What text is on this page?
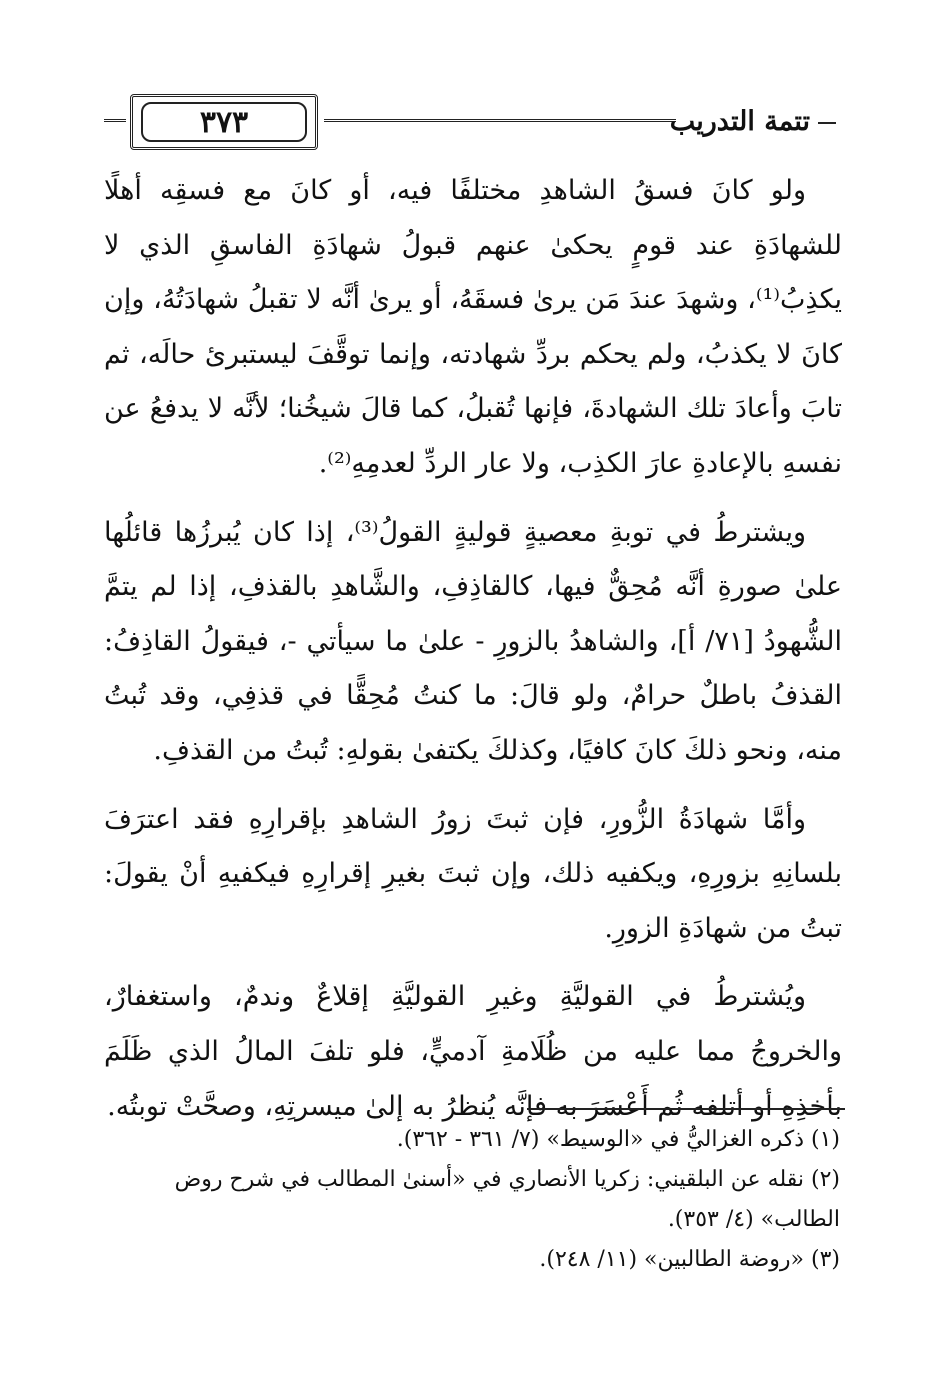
٣٧٣	تتمة التدريب

ولو كانَ فسقُ الشاهدِ مختلفًا فيه، أو كانَ مع فسقِه أهلًا للشهادَةِ عند قومٍ يحكىٰ عنهم قبولُ شهادَةِ الفاسقِ الذي لا يكذِبُ⁽¹⁾، وشهدَ عندَ مَن يرىٰ فسقَهُ، أو يرىٰ أنَّه لا تقبلُ شهادَتُهُ، وإن كانَ لا يكذبُ، ولم يحكم بردِّ شهادته، وإنما توقَّفَ ليستبرئ حالَه، ثم تابَ وأعادَ تلك الشهادةَ، فإنها تُقبلُ، كما قالَ شيخُنا؛ لأنَّه لا يدفعُ عن نفسهِ بالإعادةِ عارَ الكذِب، ولا عار الردِّ لعدمِهِ⁽²⁾.

ويشترطُ في توبةِ معصيةٍ قوليةٍ القولُ⁽³⁾، إذا كان يُبرزُها قائلُها علىٰ صورةِ أنَّه مُحِقٌّ فيها، كالقاذِفِ، والشَّاهدِ بالقذفِ، إذا لم يتمَّ الشُّهودُ [٧١/ أ]، والشاهدُ بالزورِ - علىٰ ما سيأتي -، فيقولُ القاذِفُ: القذفُ باطلٌ حرامٌ، ولو قالَ: ما كنتُ مُحِقًّا في قذفِي، وقد تُبتُ منه، ونحو ذلكَ كانَ كافيًا، وكذلكَ يكتفىٰ بقولهِ: تُبتُ من القذفِ.

وأمَّا شهادَةُ الزُّورِ، فإن ثبتَ زورُ الشاهدِ بإقرارِهِ فقد اعترَفَ بلسانِهِ بزورِهِ، ويكفيه ذلك، وإن ثبتَ بغيرِ إقرارِهِ فيكفيهِ أنْ يقولَ: تبتُ من شهادَةِ الزورِ.

ويُشترطُ في القوليَّةِ وغيرِ القوليَّةِ إقلاعٌ وندمٌ، واستغفارٌ، والخروجُ مما عليه من ظُلَامةِ آدميٍّ، فلو تلفَ المالُ الذي ظَلَمَ بأخذِهِ أو أتلفه ثُم أَعْسَرَ به فإنَّه يُنظرُ به إلىٰ ميسرتِهِ، وصحَّتْ توبتُه.

(١) ذكره الغزاليُّ في «الوسيط» (٧/ ٣٦١ - ٣٦٢).

(٢) نقله عن البلقيني: زكريا الأنصاري في «أسنىٰ المطالب في شرح روض الطالب» (٤/ ٣٥٣).

(٣) «روضة الطالبين» (١١/ ٢٤٨).
